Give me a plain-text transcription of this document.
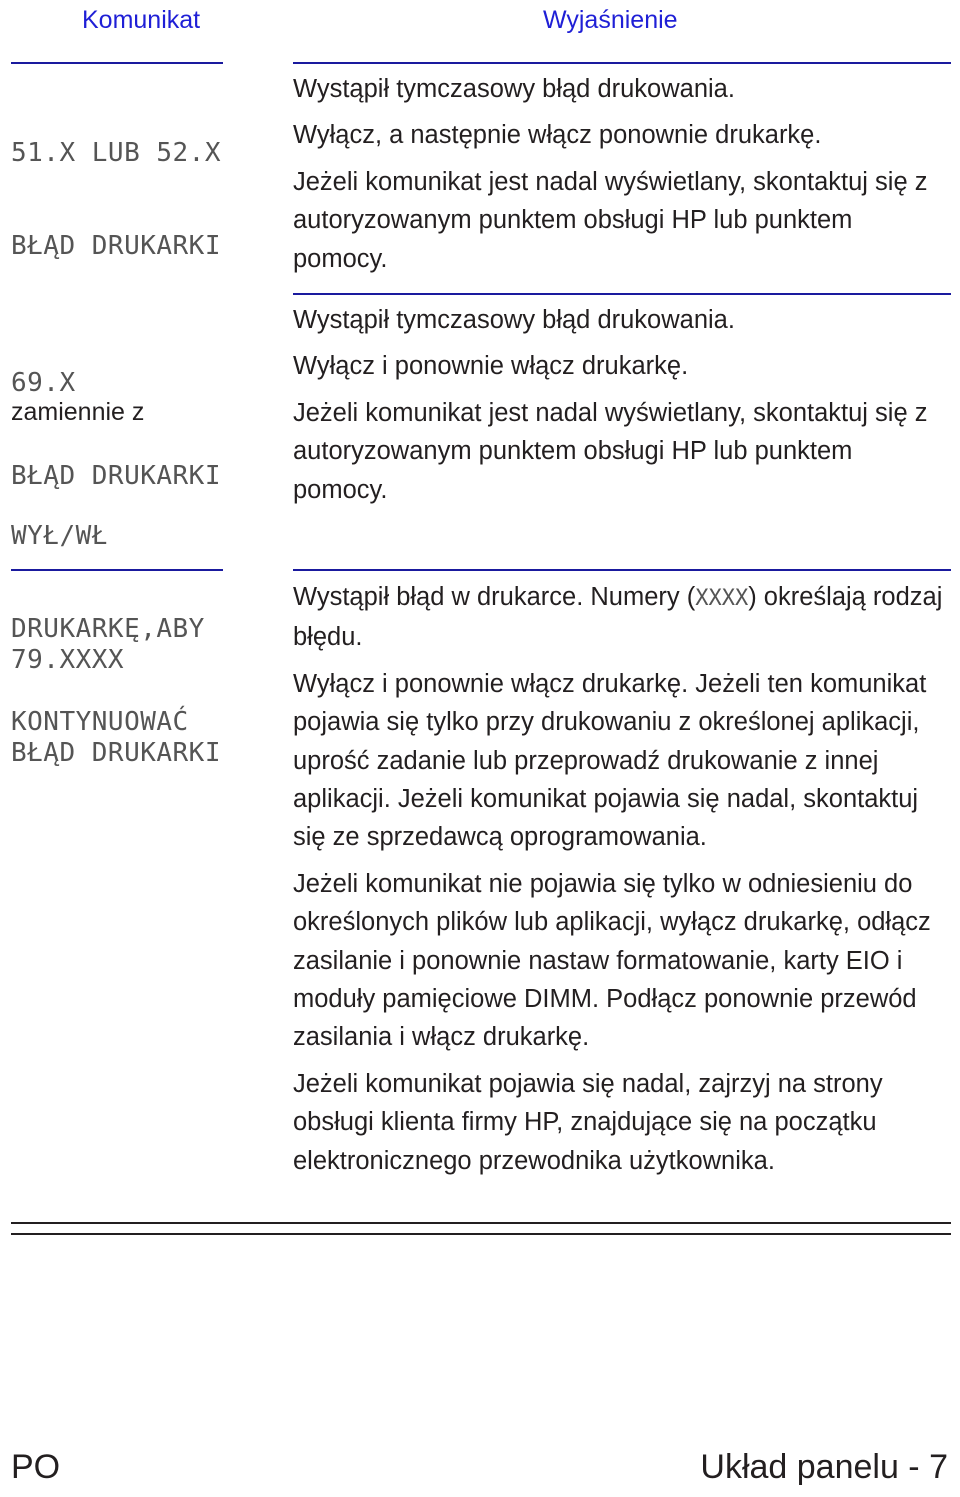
Komunikat	Wyjaśnienie

51.X LUB 52.X

BŁĄD DRUKARKI

Wystąpił tymczasowy błąd drukowania.

Wyłącz, a następnie włącz ponownie drukarkę.

Jeżeli komunikat jest nadal wyświetlany, skontaktuj się z autoryzowanym punktem obsługi HP lub punktem pomocy.

69.X

BŁĄD DRUKARKI

zamiennie z

WYŁ/WŁ

DRUKARKĘ,ABY

KONTYNUOWAĆ

Wystąpił tymczasowy błąd drukowania.

Wyłącz i ponownie włącz drukarkę.

Jeżeli komunikat jest nadal wyświetlany, skontaktuj się z autoryzowanym punktem obsługi HP lub punktem pomocy.

79.XXXX

BŁĄD DRUKARKI

Wystąpił błąd w drukarce. Numery (XXXX) określają rodzaj błędu.

Wyłącz i ponownie włącz drukarkę. Jeżeli ten komunikat pojawia się tylko przy drukowaniu z określonej aplikacji, uprość zadanie lub przeprowadź drukowanie z innej aplikacji. Jeżeli komunikat pojawia się nadal, skontaktuj się ze sprzedawcą oprogramowania.

Jeżeli komunikat nie pojawia się tylko w odniesieniu do określonych plików lub aplikacji, wyłącz drukarkę, odłącz zasilanie i ponownie nastaw formatowanie, karty EIO i moduły pamięciowe DIMM. Podłącz ponownie przewód zasilania i włącz drukarkę.

Jeżeli komunikat pojawia się nadal, zajrzyj na strony obsługi klienta firmy HP, znajdujące się na początku elektronicznego przewodnika użytkownika.

PO	Układ panelu - 7
